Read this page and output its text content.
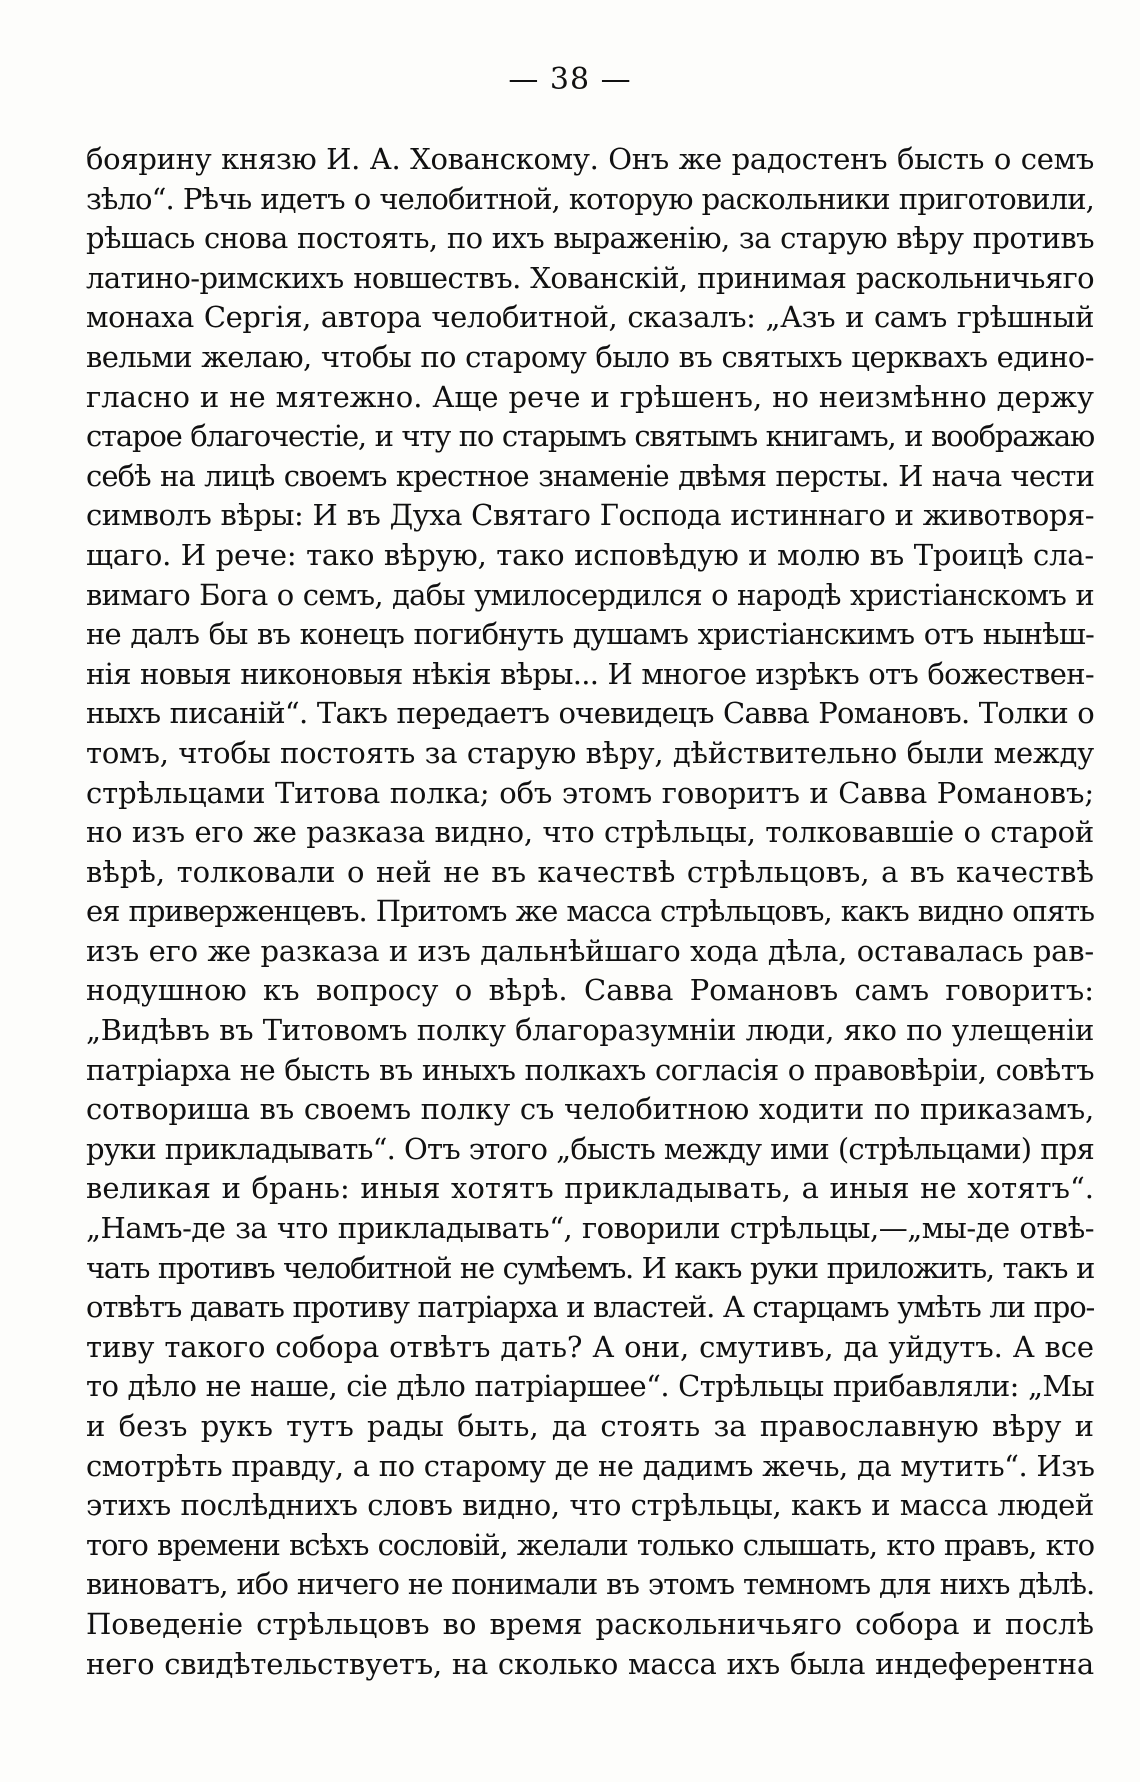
— 38 —
боярину князю И. А. Хованскому. Онъ же радостенъ бысть о семъ
зѣло“. Рѣчь идетъ о челобитной, которую раскольники приготовили,
рѣшась снова постоять, по ихъ выраженію, за старую вѣру противъ
латино-римскихъ новшествъ. Хованскій, принимая раскольничьяго
монаха Сергія, автора челобитной, сказалъ: „Азъ и самъ грѣшный
вельми желаю, чтобы по старому было въ святыхъ церквахъ едино-
гласно и не мятежно. Аще рече и грѣшенъ, но неизмѣнно держу
старое благочестіе, и чту по старымъ святымъ книгамъ, и воображаю
себѣ на лицѣ своемъ крестное знаменіе двѣмя персты. И нача чести
символъ вѣры: И въ Духа Святаго Господа истиннаго и животворя-
щаго. И рече: тако вѣрую, тако исповѣдую и молю въ Троицѣ сла-
вимаго Бога о семъ, дабы умилосердился о народѣ христіанскомъ и
не далъ бы въ конецъ погибнуть душамъ христіанскимъ отъ нынѣш-
нія новыя никоновыя нѣкія вѣры... И многое изрѣкъ отъ божествен-
ныхъ писаній“. Такъ передаетъ очевидецъ Савва Романовъ. Толки о
томъ, чтобы постоять за старую вѣру, дѣйствительно были между
стрѣльцами Титова полка; объ этомъ говоритъ и Савва Романовъ;
но изъ его же разказа видно, что стрѣльцы, толковавшіе о старой
вѣрѣ, толковали о ней не въ качествѣ стрѣльцовъ, а въ качествѣ
ея приверженцевъ. Притомъ же масса стрѣльцовъ, какъ видно опять
изъ его же разказа и изъ дальнѣйшаго хода дѣла, оставалась рав-
нодушною къ вопросу о вѣрѣ. Савва Романовъ самъ говоритъ:
„Видѣвъ въ Титовомъ полку благоразумніи люди, яко по улещеніи
патріарха не бысть въ иныхъ полкахъ согласія о правовѣріи, совѣтъ
сотвориша въ своемъ полку съ челобитною ходити по приказамъ,
руки прикладывать“. Отъ этого „бысть между ими (стрѣльцами) пря
великая и брань: иныя хотятъ прикладывать, а иныя не хотятъ“.
„Намъ-де за что прикладывать“, говорили стрѣльцы,—„мы-де отвѣ-
чать противъ челобитной не сумѣемъ. И какъ руки приложить, такъ и
отвѣтъ давать противу патріарха и властей. А старцамъ умѣть ли про-
тиву такого собора отвѣтъ дать? А они, смутивъ, да уйдутъ. А все
то дѣло не наше, сіе дѣло патріаршее“. Стрѣльцы прибавляли: „Мы
и безъ рукъ тутъ рады быть, да стоять за православную вѣру и
смотрѣть правду, а по старому де не дадимъ жечь, да мутить“. Изъ
этихъ послѣднихъ словъ видно, что стрѣльцы, какъ и масса людей
того времени всѣхъ сословій, желали только слышать, кто правъ, кто
виноватъ, ибо ничего не понимали въ этомъ темномъ для нихъ дѣлѣ.
Поведеніе стрѣльцовъ во время раскольничьяго собора и послѣ
него свидѣтельствуетъ, на сколько масса ихъ была индеферентна
